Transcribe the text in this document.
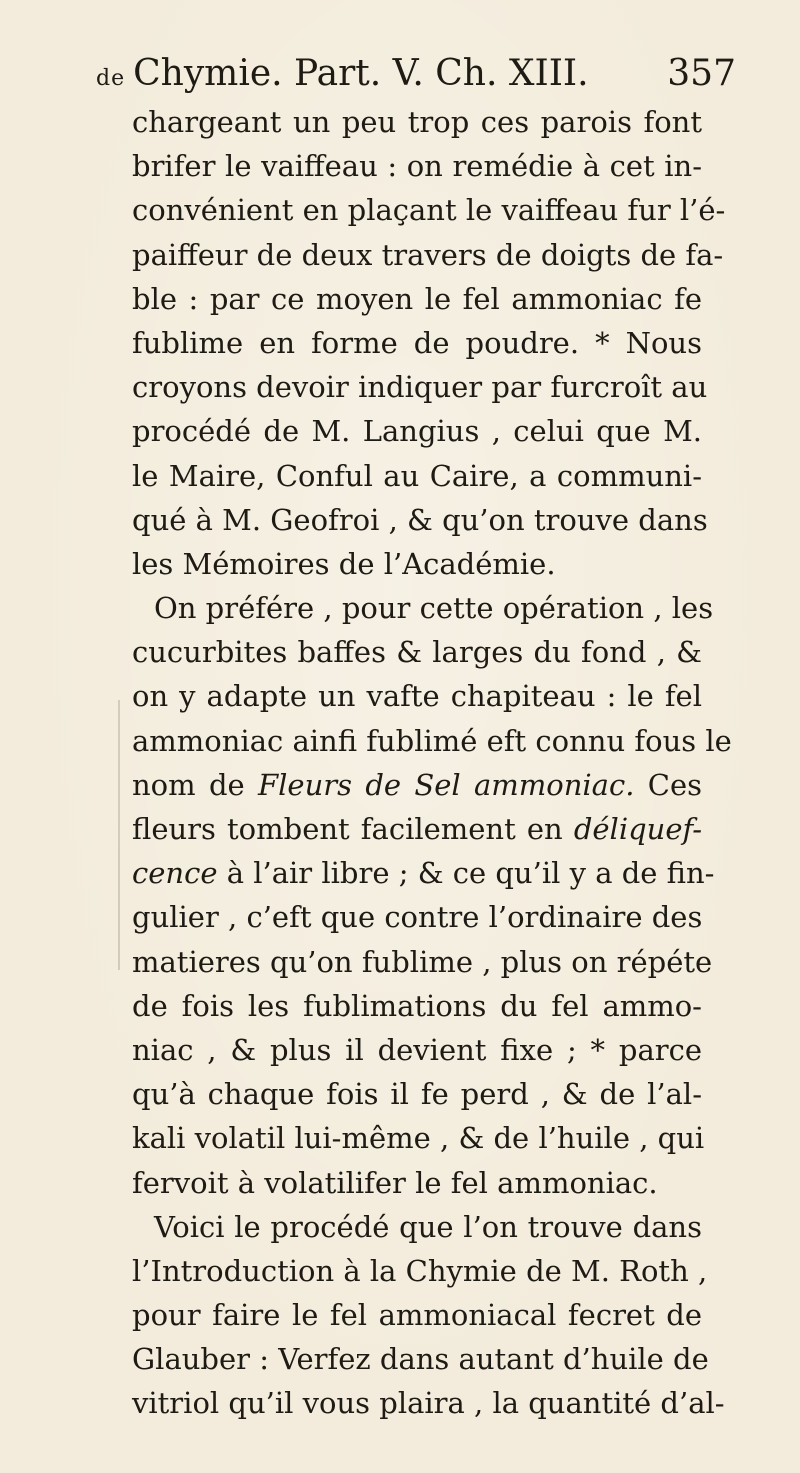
de Chymie. Part. V. Ch. XIII. 357
chargeant un peu trop ces parois font
brifer le vaiffeau : on remédie à cet in-
convénient en plaçant le vaiffeau fur l’é-
paiffeur de deux travers de doigts de fa-
ble : par ce moyen le fel ammoniac fe
fublime en forme de poudre. * Nous
croyons devoir indiquer par furcroît au
procédé de M. Langius , celui que M.
le Maire, Conful au Caire, a communi-
qué à M. Geofroi , & qu’on trouve dans
les Mémoires de l’Académie.
On préfére , pour cette opération , les
cucurbites baffes & larges du fond , &
on y adapte un vafte chapiteau : le fel
ammoniac ainfi fublimé eft connu fous le
nom de Fleurs de Sel ammoniac. Ces
fleurs tombent facilement en déliquef-
cence à l’air libre ; & ce qu’il y a de fin-
gulier , c’eft que contre l’ordinaire des
matieres qu’on fublime , plus on répéte
de fois les fublimations du fel ammo-
niac , & plus il devient fixe ; * parce
qu’à chaque fois il fe perd , & de l’al-
kali volatil lui-même , & de l’huile , qui
fervoit à volatilifer le fel ammoniac.
Voici le procédé que l’on trouve dans
l’Introduction à la Chymie de M. Roth ,
pour faire le fel ammoniacal fecret de
Glauber : Verfez dans autant d’huile de
vitriol qu’il vous plaira , la quantité d’al-
